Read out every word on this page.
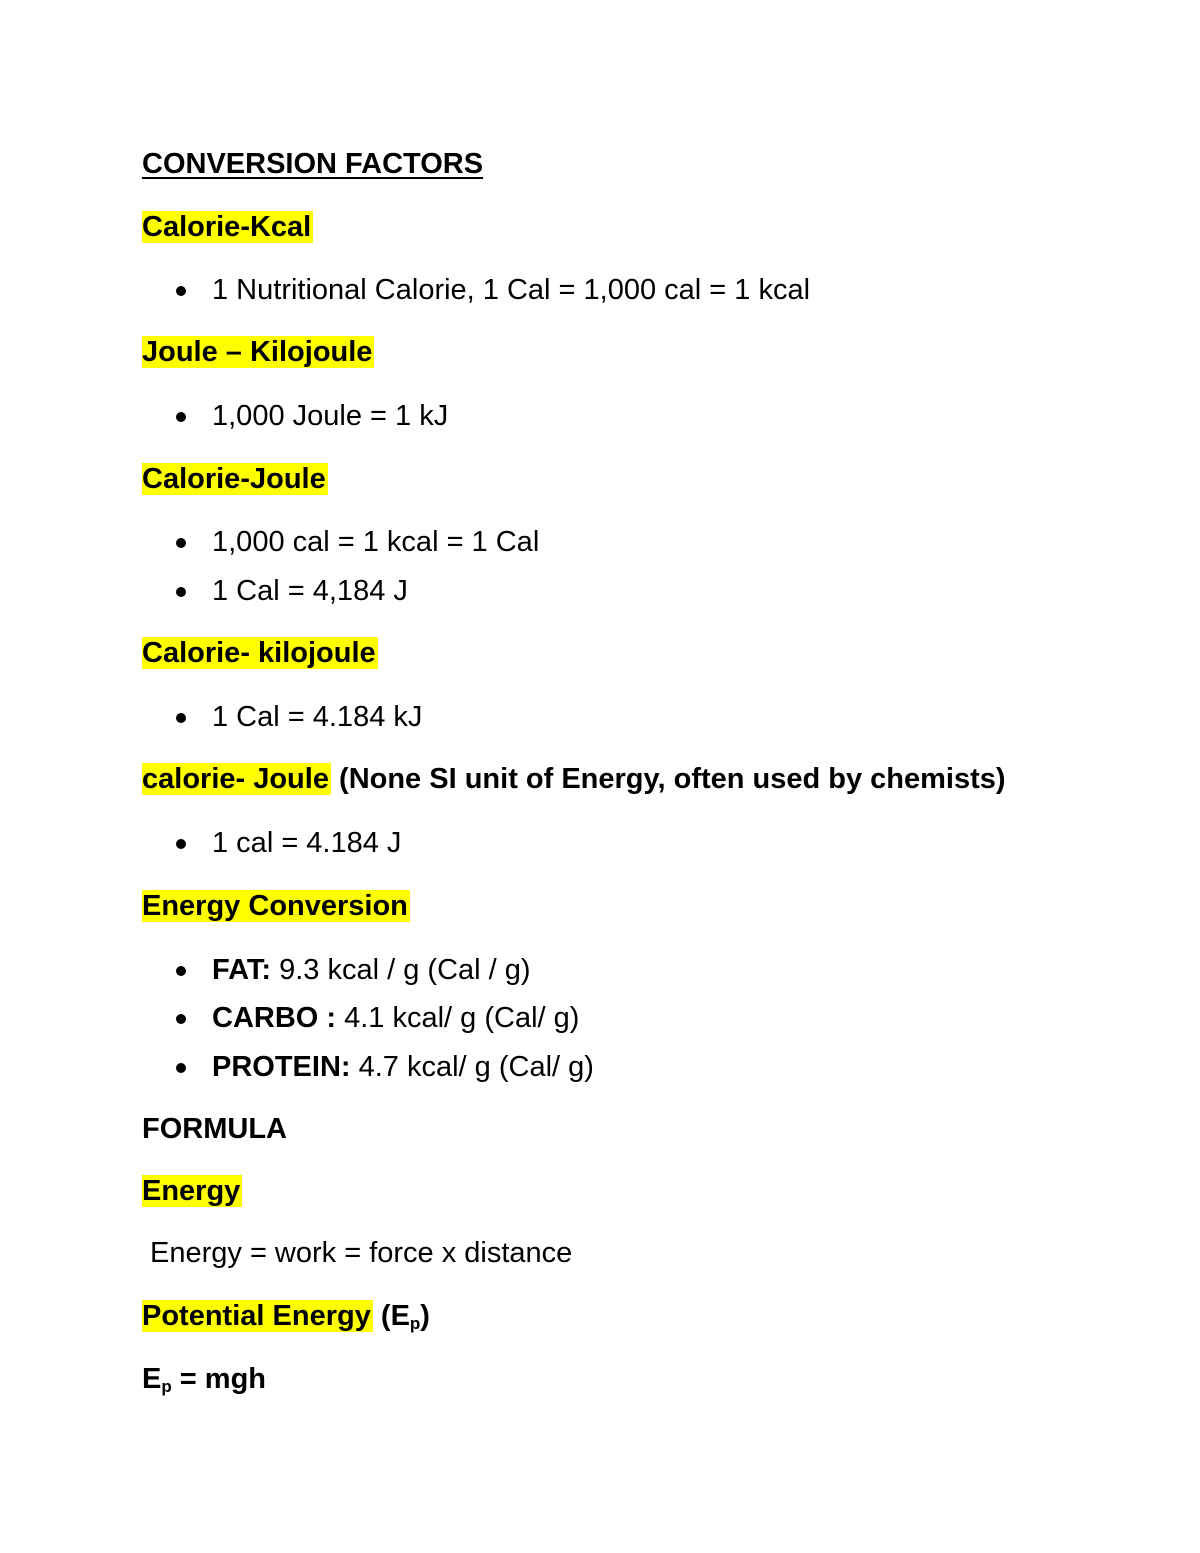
CONVERSION FACTORS
Calorie-Kcal
1 Nutritional Calorie, 1 Cal = 1,000 cal = 1 kcal
Joule – Kilojoule
1,000 Joule = 1 kJ
Calorie-Joule
1,000 cal = 1 kcal = 1 Cal
1 Cal = 4,184 J
Calorie- kilojoule
1 Cal = 4.184 kJ
calorie- Joule (None SI unit of Energy, often used by chemists)
1 cal = 4.184 J
Energy Conversion
FAT: 9.3 kcal / g (Cal / g)
CARBO : 4.1 kcal/ g (Cal/ g)
PROTEIN: 4.7 kcal/ g (Cal/ g)
FORMULA
Energy
Energy = work = force x distance
Potential Energy $(E_p)$
$E_p$ = mgh
